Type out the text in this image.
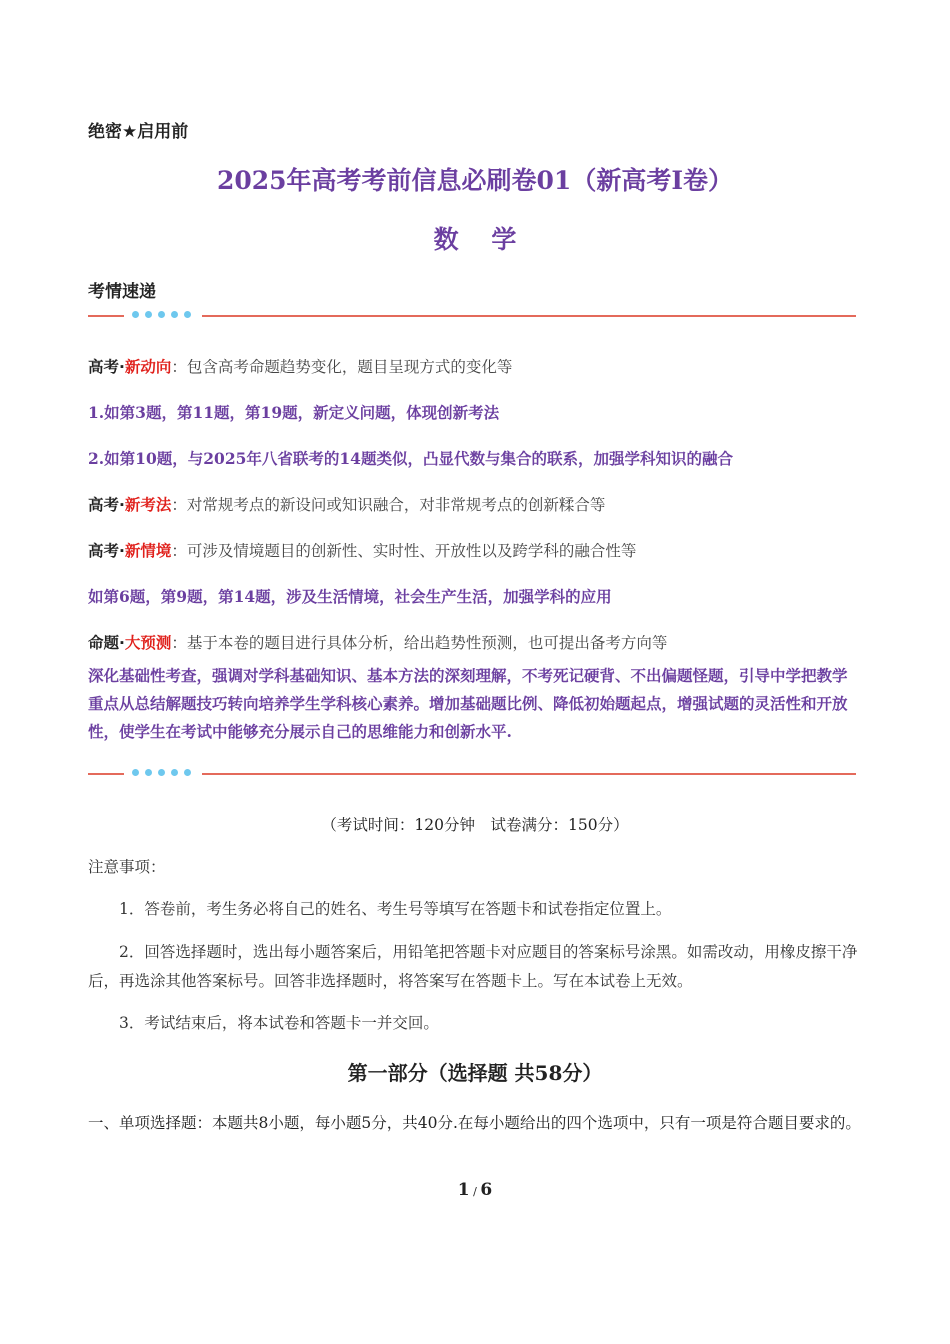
绝密★启用前
2025年高考考前信息必刷卷01（新高考Ⅰ卷）
数 学
考情速递
高考·新动向：包含高考命题趋势变化，题目呈现方式的变化等
1.如第3题，第11题，第19题，新定义问题，体现创新考法
2.如第10题，与2025年八省联考的14题类似，凸显代数与集合的联系，加强学科知识的融合
高考·新考法：对常规考点的新设问或知识融合，对非常规考点的创新糅合等
高考·新情境：可涉及情境题目的创新性、实时性、开放性以及跨学科的融合性等
如第6题，第9题，第14题，涉及生活情境，社会生产生活，加强学科的应用
命题·大预测：基于本卷的题目进行具体分析，给出趋势性预测，也可提出备考方向等
深化基础性考查，强调对学科基础知识、基本方法的深刻理解，不考死记硬背、不出偏题怪题，引导中学把教学重点从总结解题技巧转向培养学生学科核心素养。增加基础题比例、降低初始题起点，增强试题的灵活性和开放性，使学生在考试中能够充分展示自己的思维能力和创新水平.
（考试时间：120分钟　试卷满分：150分）
注意事项：
1．答卷前，考生务必将自己的姓名、考生号等填写在答题卡和试卷指定位置上。
2．回答选择题时，选出每小题答案后，用铅笔把答题卡对应题目的答案标号涂黑。如需改动，用橡皮擦干净后，再选涂其他答案标号。回答非选择题时，将答案写在答题卡上。写在本试卷上无效。
3．考试结束后，将本试卷和答题卡一并交回。
第一部分（选择题 共58分）
一、单项选择题：本题共8小题，每小题5分，共40分.在每小题给出的四个选项中，只有一项是符合题目要求的。
1 / 6
